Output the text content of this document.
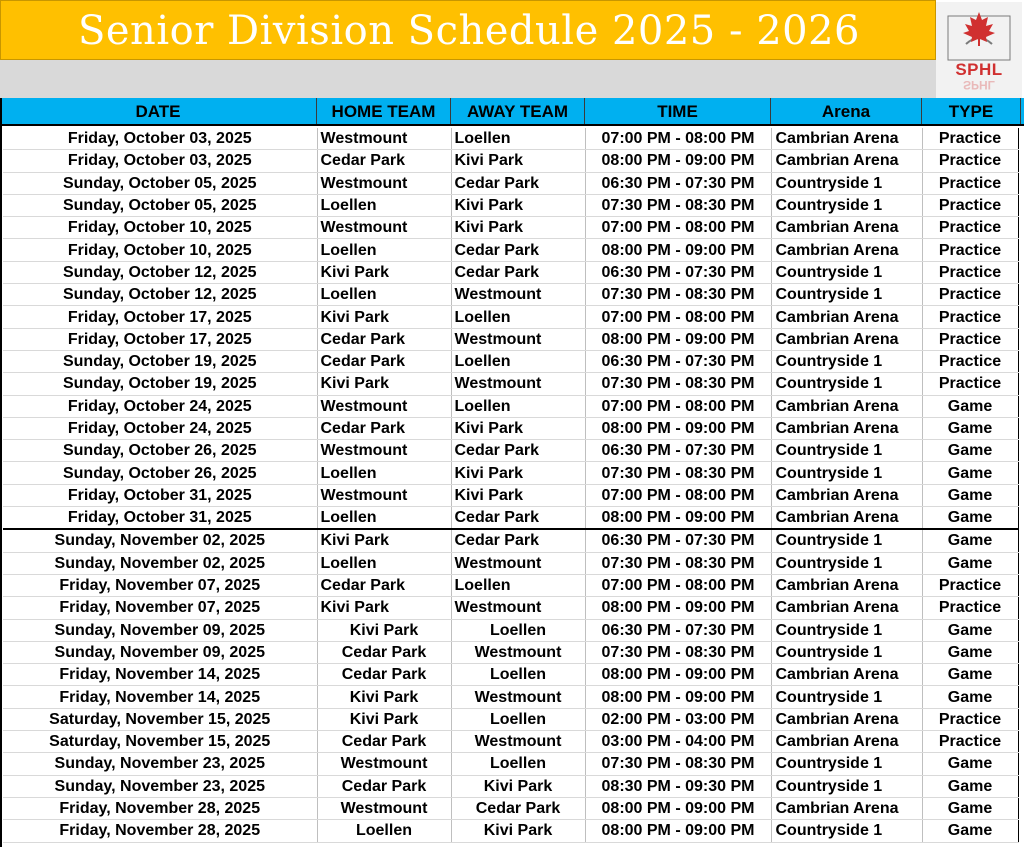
Senior Division Schedule 2025 - 2026
SPHL
SPHL
DATE	HOME TEAM	AWAY TEAM	TIME	Arena	TYPE
Friday, October 03, 2025	Westmount	Loellen	07:00 PM - 08:00 PM	Cambrian Arena	Practice
Friday, October 03, 2025	Cedar Park	Kivi Park	08:00 PM - 09:00 PM	Cambrian Arena	Practice
Sunday, October 05, 2025	Westmount	Cedar Park	06:30 PM - 07:30 PM	Countryside 1	Practice
Sunday, October 05, 2025	Loellen	Kivi Park	07:30 PM - 08:30 PM	Countryside 1	Practice
Friday, October 10, 2025	Westmount	Kivi Park	07:00 PM - 08:00 PM	Cambrian Arena	Practice
Friday, October 10, 2025	Loellen	Cedar Park	08:00 PM - 09:00 PM	Cambrian Arena	Practice
Sunday, October 12, 2025	Kivi Park	Cedar Park	06:30 PM - 07:30 PM	Countryside 1	Practice
Sunday, October 12, 2025	Loellen	Westmount	07:30 PM - 08:30 PM	Countryside 1	Practice
Friday, October 17, 2025	Kivi Park	Loellen	07:00 PM - 08:00 PM	Cambrian Arena	Practice
Friday, October 17, 2025	Cedar Park	Westmount	08:00 PM - 09:00 PM	Cambrian Arena	Practice
Sunday, October 19, 2025	Cedar Park	Loellen	06:30 PM - 07:30 PM	Countryside 1	Practice
Sunday, October 19, 2025	Kivi Park	Westmount	07:30 PM - 08:30 PM	Countryside 1	Practice
Friday, October 24, 2025	Westmount	Loellen	07:00 PM - 08:00 PM	Cambrian Arena	Game
Friday, October 24, 2025	Cedar Park	Kivi Park	08:00 PM - 09:00 PM	Cambrian Arena	Game
Sunday, October 26, 2025	Westmount	Cedar Park	06:30 PM - 07:30 PM	Countryside 1	Game
Sunday, October 26, 2025	Loellen	Kivi Park	07:30 PM - 08:30 PM	Countryside 1	Game
Friday, October 31, 2025	Westmount	Kivi Park	07:00 PM - 08:00 PM	Cambrian Arena	Game
Friday, October 31, 2025	Loellen	Cedar Park	08:00 PM - 09:00 PM	Cambrian Arena	Game
Sunday, November 02, 2025	Kivi Park	Cedar Park	06:30 PM - 07:30 PM	Countryside 1	Game
Sunday, November 02, 2025	Loellen	Westmount	07:30 PM - 08:30 PM	Countryside 1	Game
Friday, November 07, 2025	Cedar Park	Loellen	07:00 PM - 08:00 PM	Cambrian Arena	Practice
Friday, November 07, 2025	Kivi Park	Westmount	08:00 PM - 09:00 PM	Cambrian Arena	Practice
Sunday, November 09, 2025	Kivi Park	Loellen	06:30 PM - 07:30 PM	Countryside 1	Game
Sunday, November 09, 2025	Cedar Park	Westmount	07:30 PM - 08:30 PM	Countryside 1	Game
Friday, November 14, 2025	Cedar Park	Loellen	08:00 PM - 09:00 PM	Cambrian Arena	Game
Friday, November 14, 2025	Kivi Park	Westmount	08:00 PM - 09:00 PM	Countryside 1	Game
Saturday, November 15, 2025	Kivi Park	Loellen	02:00 PM - 03:00 PM	Cambrian Arena	Practice
Saturday, November 15, 2025	Cedar Park	Westmount	03:00 PM - 04:00 PM	Cambrian Arena	Practice
Sunday, November 23, 2025	Westmount	Loellen	07:30 PM - 08:30 PM	Countryside 1	Game
Sunday, November 23, 2025	Cedar Park	Kivi Park	08:30 PM - 09:30 PM	Countryside 1	Game
Friday, November 28, 2025	Westmount	Cedar Park	08:00 PM - 09:00 PM	Cambrian Arena	Game
Friday, November 28, 2025	Loellen	Kivi Park	08:00 PM - 09:00 PM	Countryside 1	Game
